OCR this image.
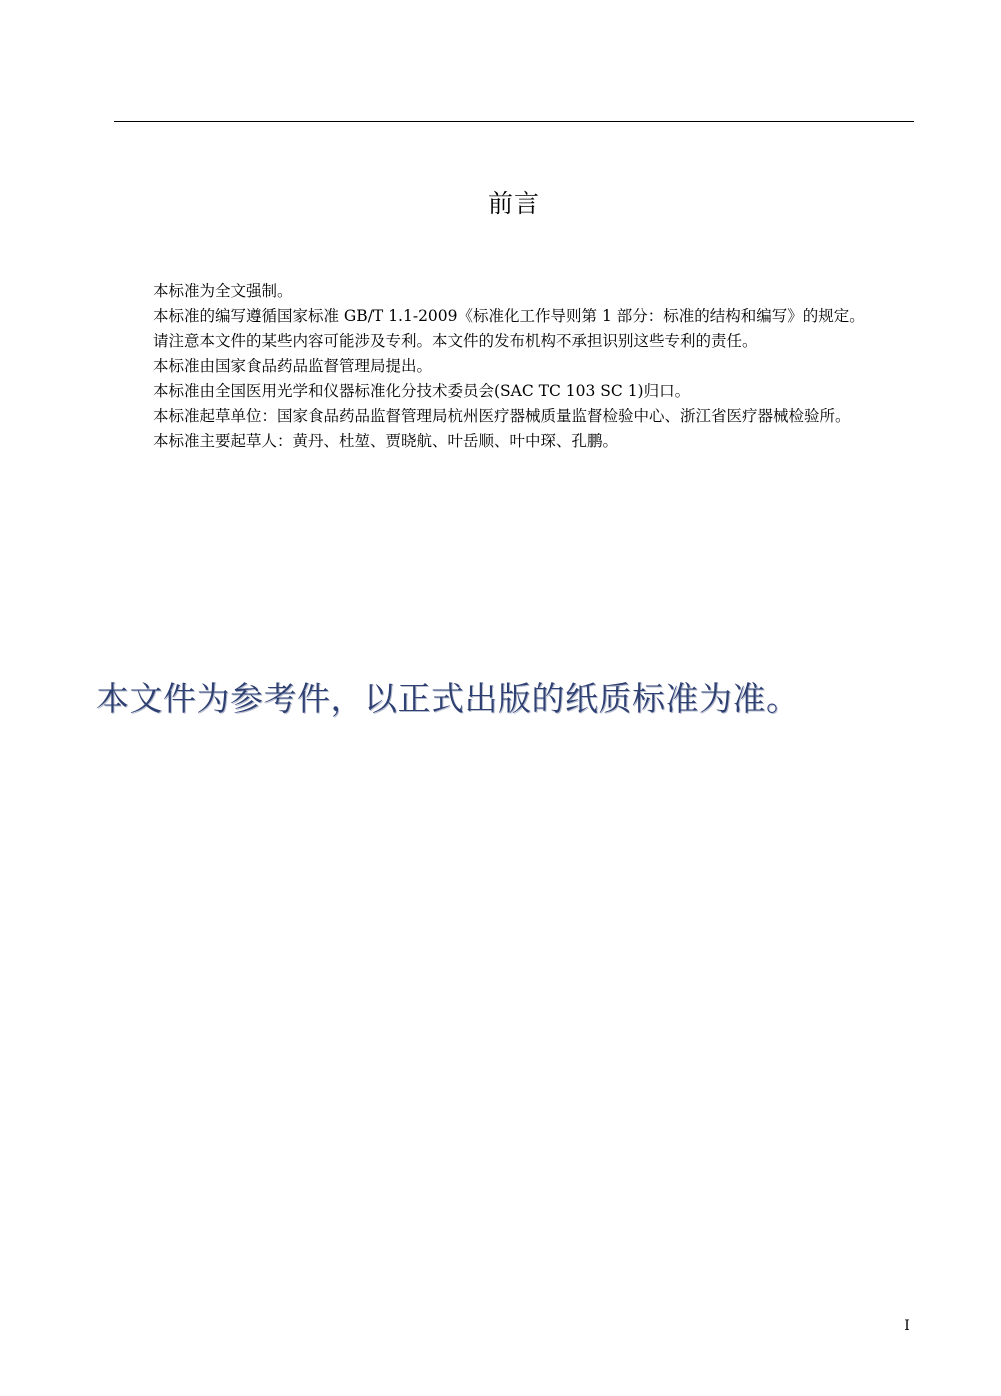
前言

本标准为全文强制。

本标准的编写遵循国家标准 GB/T 1.1-2009《标准化工作导则第 1 部分：标准的结构和编写》的规定。

请注意本文件的某些内容可能涉及专利。本文件的发布机构不承担识别这些专利的责任。

本标准由国家食品药品监督管理局提出。

本标准由全国医用光学和仪器标准化分技术委员会(SAC TC 103 SC 1)归口。

本标准起草单位：国家食品药品监督管理局杭州医疗器械质量监督检验中心、浙江省医疗器械检验所。

本标准主要起草人：黄丹、杜堃、贾晓航、叶岳顺、叶中琛、孔鹏。

本文件为参考件，以正式出版的纸质标准为准。
I
